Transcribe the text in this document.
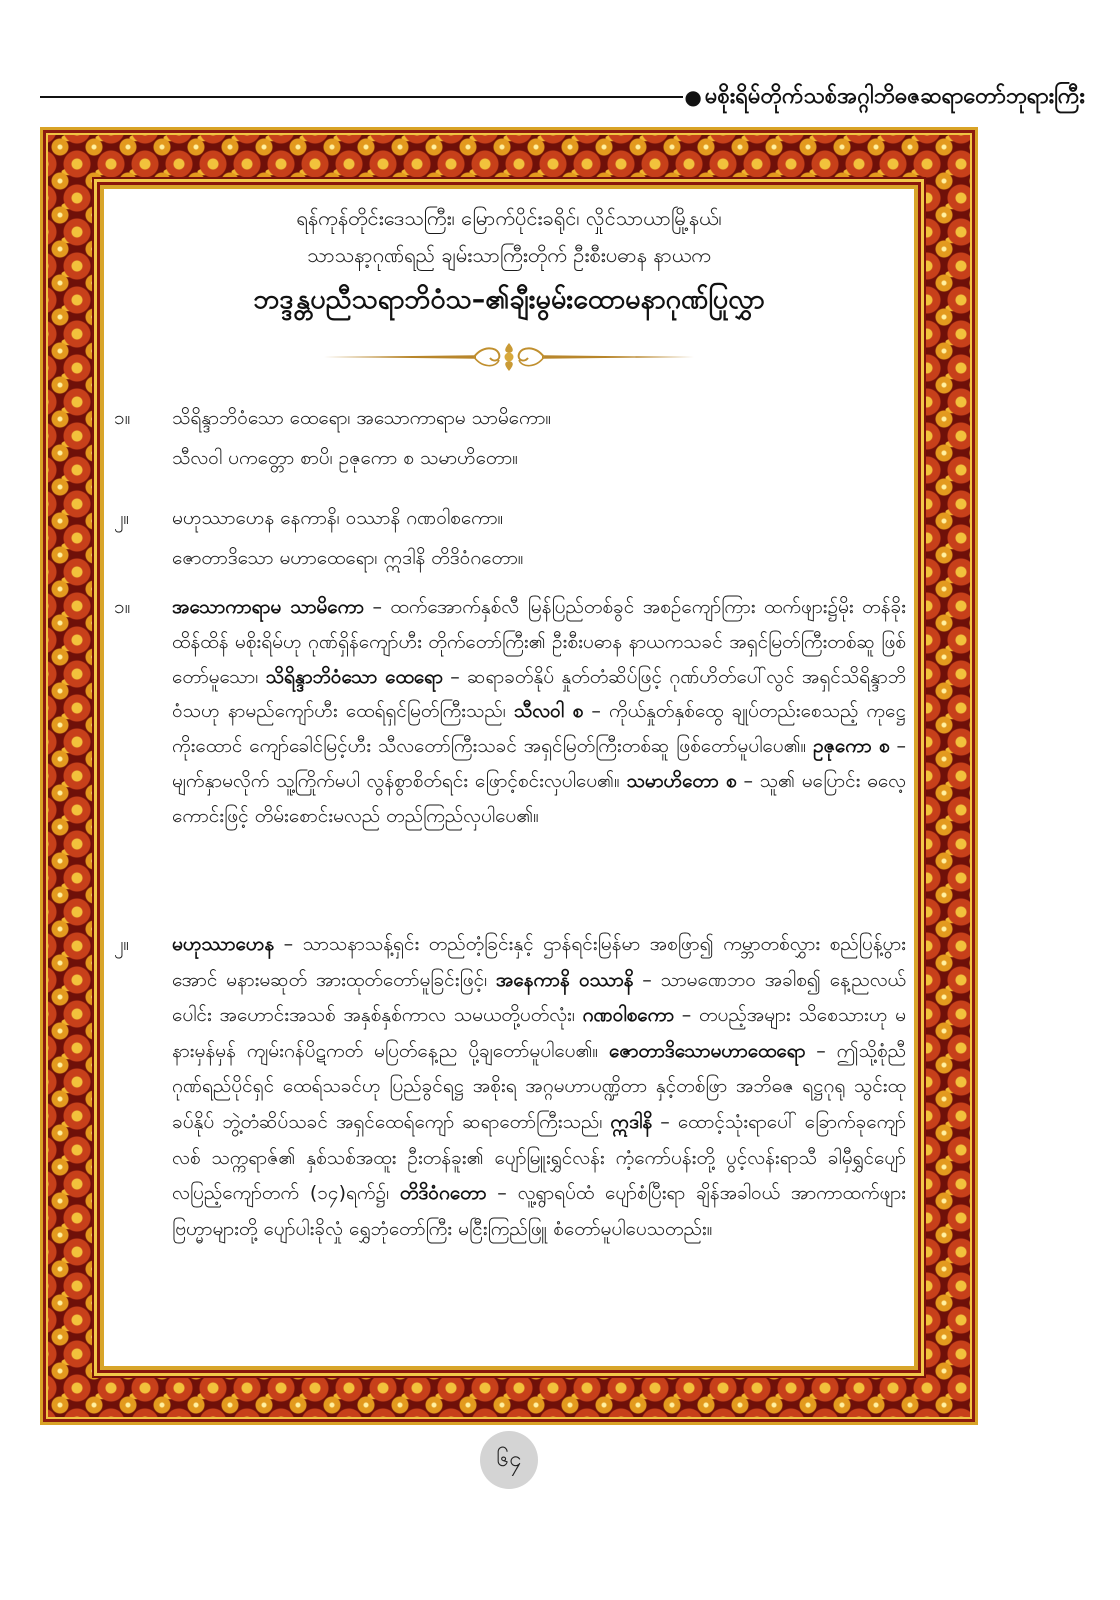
● မစိုးရိမ်တိုက်သစ်အဂ္ဂါဘိဓဇဆရာတော်ဘုရားကြီး

ရန်ကုန်တိုင်းဒေသကြီး၊ မြောက်ပိုင်းခရိုင်၊ လှိုင်သာယာမြို့နယ်၊

သာသနာ့ဂုဏ်ရည် ချမ်းသာကြီးတိုက် ဦးစီးပဓာန နာယက

ဘဒ္ဒန္တပညီသရာဘိဝံသ–၏ချီးမွမ်းထောမနာဂုဏ်ပြုလွှာ
၁။ သိရိန္ဒာဘိဝံသော ထေရော၊ အသောကာရာမ သာမိကော။
သီလဝါ ပကတ္တော စာပိ၊ ဥဇုကော စ သမာဟိတော။
၂။ မဟုဿာဟေန နေကာနိ၊ ဝဿာနိ ဂဏဝါစကော။
ဇောတာဒိသော မဟာထေရော၊ ဣဒါနိ တိဒိဝံဂတော။
၁။ အသောကာရာမ သာမိကော – ထက်အောက်နှစ်လီ မြန်ပြည်တစ်ခွင် အစဉ်ကျော်ကြား ထက်ဖျား၌မိုး တန်ခိုးထိန်ထိန် မစိုးရိမ်ဟု ဂုဏ်ရှိန်ကျော်ဟီး တိုက်တော်ကြီး၏ ဦးစီးပဓာန နာယကသခင် အရှင်မြတ်ကြီးတစ်ဆူ ဖြစ်တော်မူသော၊ သိရိန္ဒာဘိဝံသော ထေရော – ဆရာခတ်နိုပ် နှုတ်တံဆိပ်ဖြင့် ဂုဏ်ဟိတ်ပေါ်လွင် အရှင်သိရိန္ဒာဘိဝံသဟု နာမည်ကျော်ဟီး ထေရ်ရှင်မြတ်ကြီးသည်၊ သီလဝါ စ – ကိုယ်နှုတ်နှစ်ထွေ ချုပ်တည်းစေသည့် ကုဋ္ဌေကိုးထောင် ကျော်ခေါင်မြင့်ဟီး သီလတော်ကြီးသခင် အရှင်မြတ်ကြီးတစ်ဆူ ဖြစ်တော်မူပါပေ၏။ ဥဇုကော စ – မျက်နှာမလိုက် သူ့ကြိုက်မပါ လွန်စွာစိတ်ရင်း ဖြောင့်စင်းလှပါပေ၏။ သမာဟိတော စ – သူ၏ မပြောင်း ဓလေ့ကောင်းဖြင့် တိမ်းစောင်းမလည် တည်ကြည်လှပါပေ၏။

၂။ မဟုဿာဟေန – သာသနာသန့်ရှင်း တည်တံ့ခြင်းနှင့် ဌာန်ရင်းမြန်မာ အစဖြာ၍ ကမ္ဘာတစ်လွှား စည်ပြန့်ပွားအောင် မနားမဆုတ် အားထုတ်တော်မူခြင်းဖြင့်၊ အနေကာနိ ဝဿာနိ – သာမဏေဘဝ အခါစ၍ နေ့ညလယ်ပေါင်း အဟောင်းအသစ် အနှစ်နှစ်ကာလ သမယတို့ပတ်လုံး၊ ဂဏဝါစကော – တပည့်အများ သိစေသားဟု မနားမှန်မှန် ကျမ်းဂန်ပိဋကတ် မပြတ်နေ့ည ပို့ချတော်မူပါပေ၏။ ဇောတာဒိသောမဟာထေရော – ဤသို့စုံညီ ဂုဏ်ရည်ပိုင်ရှင် ထေရ်သခင်ဟု ပြည်ခွင်ရဋ္ဌ အစိုးရ အဂ္ဂမဟာပဏ္ဍိတာ နှင့်တစ်ဖြာ အဘိဓဇ ရဋ္ဌဂုရု သွင်းထုခပ်နိုပ် ဘွဲ့တံဆိပ်သခင် အရှင်ထေရ်ကျော် ဆရာတော်ကြီးသည်၊ ဣဒါနိ – ထောင့်သုံးရာပေါ် ခြောက်ခုကျော်လစ် သက္ကရာဇ်၏ နှစ်သစ်အထူး ဦးတန်ခူး၏ ပျော်မြူးရွှင်လန်း ကံ့ကော်ပန်းတို့ ပွင့်လန်းရာသီ ခါမှီရွှင်ပျော် လပြည့်ကျော်တက် (၁၄)ရက်၌၊ တိဒိဝံဂတော – လူ့ရွာရပ်ထံ ပျော်စံပြီးရာ ချိန်အခါဝယ် အာကာထက်ဖျား ဗြဟ္မာများတို့ ပျော်ပါးခိုလှုံ ရွှေဘုံတော်ကြီး မငြီးကြည်ဖြူ စံတော်မူပါပေသတည်း။

၆၄
